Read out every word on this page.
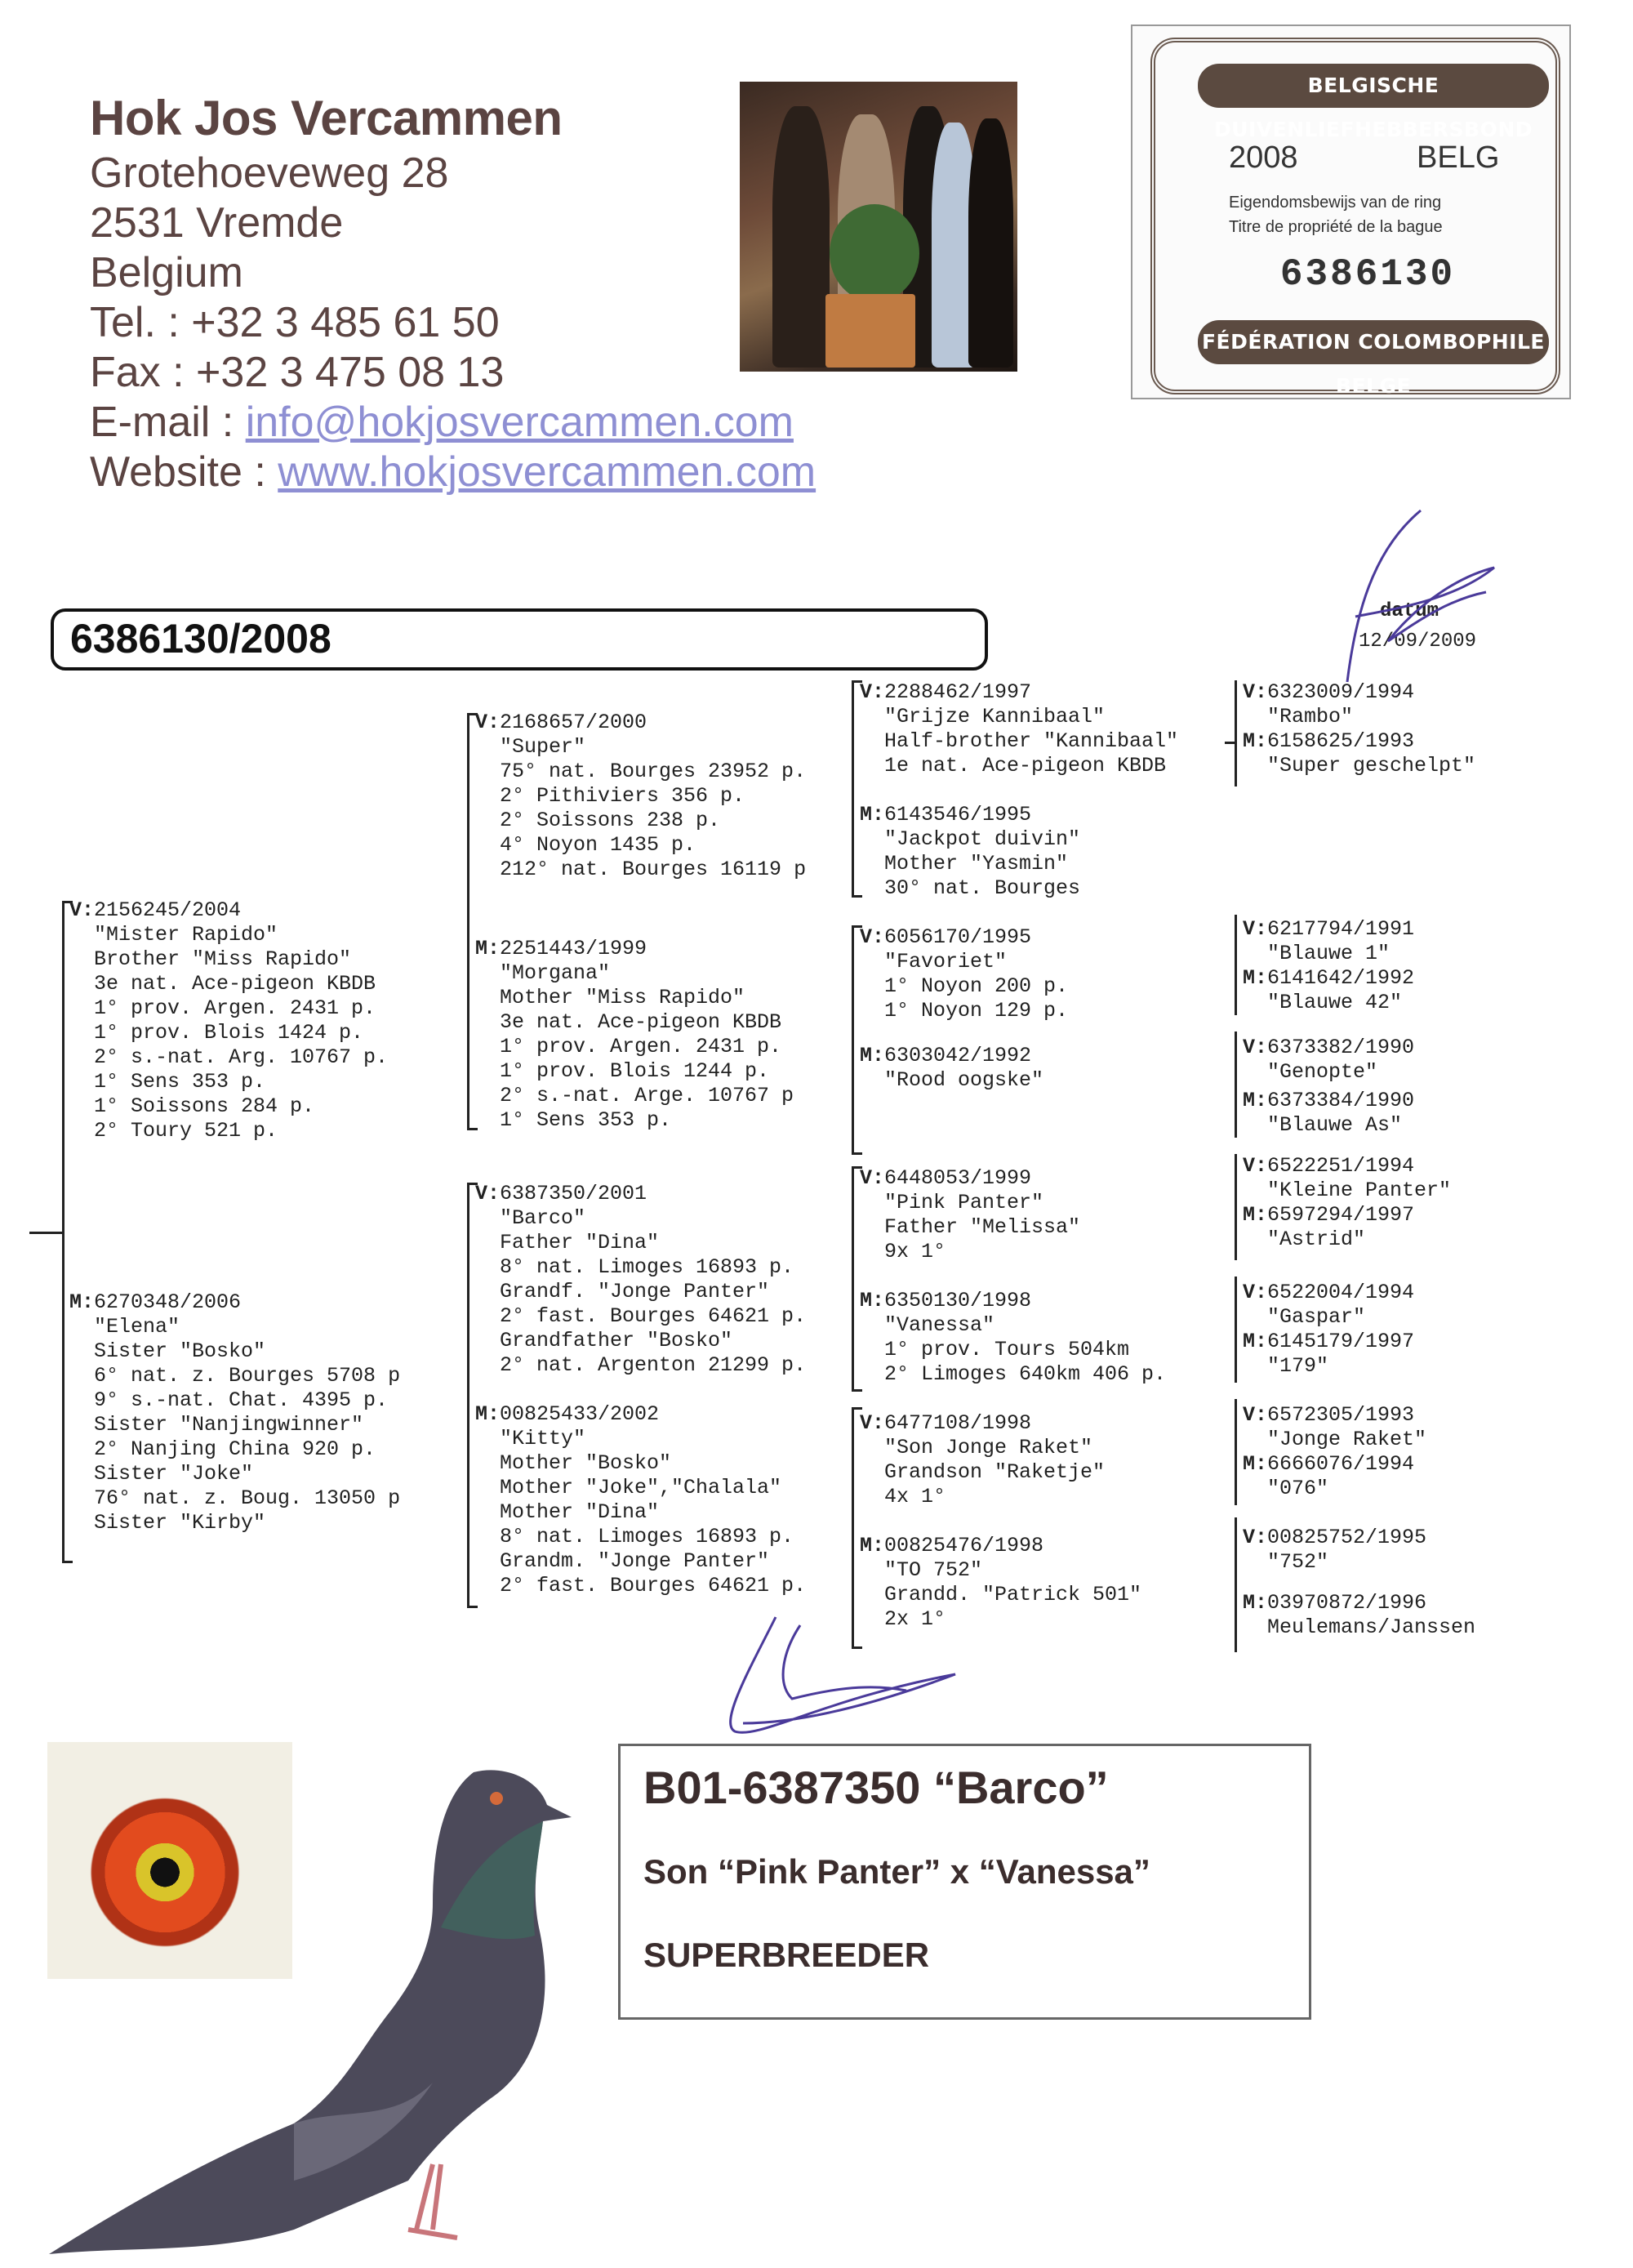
Hok Jos Vercammen
Grotehoeveweg 28
2531 Vremde
Belgium
Tel. : +32 3 485 61 50
Fax : +32 3 475 08 13
E-mail : info@hokjosvercammen.com
Website : www.hokjosvercammen.com
BELGISCHE DUIVENLIEFHEBBERSBOND
2008	BELG
Eigendomsbewijs van de ring
Titre de propriété de la bague
6386130
FÉDÉRATION COLOMBOPHILE BELGE
6386130/2008
datum
12/09/2009
V:2156245/2004
"Mister Rapido"
Brother "Miss Rapido"
3e nat. Ace-pigeon KBDB
1° prov. Argen. 2431 p.
1° prov. Blois 1424 p.
2° s.-nat. Arg. 10767 p.
1° Sens 353 p.
1° Soissons 284 p.
2° Toury 521 p.
M:6270348/2006
"Elena"
Sister "Bosko"
6° nat. z. Bourges 5708 p
9° s.-nat. Chat. 4395 p.
Sister "Nanjingwinner"
2° Nanjing China 920 p.
Sister "Joke"
76° nat. z. Boug. 13050 p
Sister "Kirby"
V:2168657/2000
"Super"
75° nat. Bourges 23952 p.
2° Pithiviers 356 p.
2° Soissons 238 p.
4° Noyon 1435 p.
212° nat. Bourges 16119 p
M:2251443/1999
"Morgana"
Mother "Miss Rapido"
3e nat. Ace-pigeon KBDB
1° prov. Argen. 2431 p.
1° prov. Blois 1244 p.
2° s.-nat. Arge. 10767 p
1° Sens 353 p.
V:6387350/2001
"Barco"
Father "Dina"
8° nat. Limoges 16893 p.
Grandf. "Jonge Panter"
2° fast. Bourges 64621 p.
Grandfather "Bosko"
2° nat. Argenton 21299 p.
M:00825433/2002
"Kitty"
Mother "Bosko"
Mother "Joke","Chalala"
Mother "Dina"
8° nat. Limoges 16893 p.
Grandm. "Jonge Panter"
2° fast. Bourges 64621 p.
V:2288462/1997
"Grijze Kannibaal"
Half-brother "Kannibaal"
1e nat. Ace-pigeon KBDB
M:6143546/1995
"Jackpot duivin"
Mother "Yasmin"
30° nat. Bourges
V:6056170/1995
"Favoriet"
1° Noyon 200 p.
1° Noyon 129 p.
M:6303042/1992
"Rood oogske"
V:6448053/1999
"Pink Panter"
Father "Melissa"
9x 1°
M:6350130/1998
"Vanessa"
1° prov. Tours 504km
2° Limoges 640km 406 p.
V:6477108/1998
"Son Jonge Raket"
Grandson "Raketje"
4x 1°
M:00825476/1998
"TO 752"
Grandd. "Patrick 501"
2x 1°
V:6323009/1994
"Rambo"
M:6158625/1993
"Super geschelpt"
V:6217794/1991
"Blauwe 1"
M:6141642/1992
"Blauwe 42"
V:6373382/1990
"Genopte"
M:6373384/1990
"Blauwe As"
V:6522251/1994
"Kleine Panter"
M:6597294/1997
"Astrid"
V:6522004/1994
"Gaspar"
M:6145179/1997
"179"
V:6572305/1993
"Jonge Raket"
M:6666076/1994
"076"
V:00825752/1995
"752"
M:03970872/1996
Meulemans/Janssen
B01-6387350 “Barco”
Son “Pink Panter” x “Vanessa”
SUPERBREEDER
